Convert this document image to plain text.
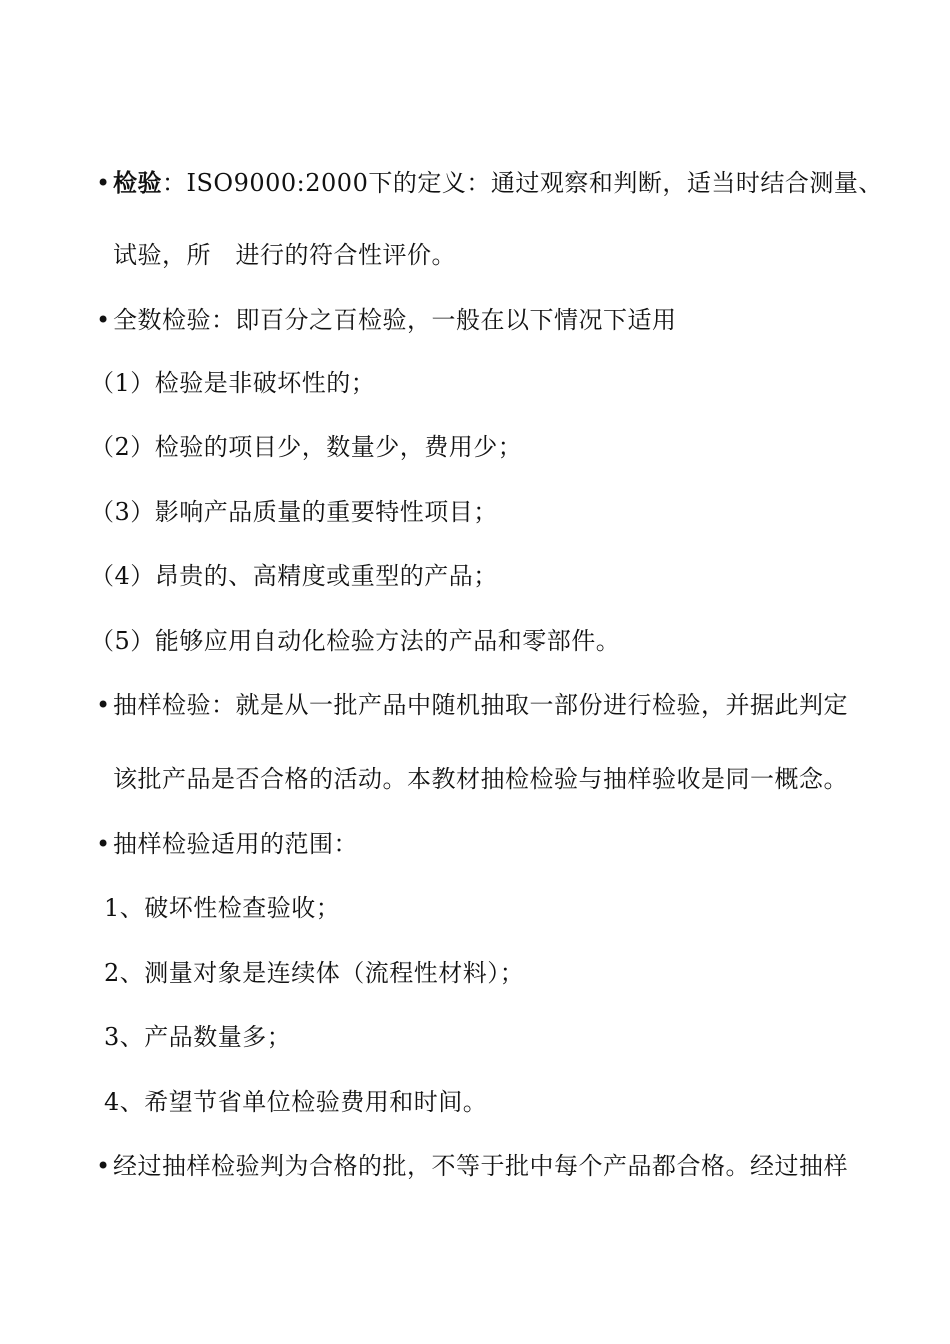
• 检验：ISO9000:2000下的定义：通过观察和判断，适当时结合测量、
试验，所　进行的符合性评价。
• 全数检验：即百分之百检验，一般在以下情况下适用
（1）检验是非破坏性的；
（2）检验的项目少，数量少，费用少；
（3）影响产品质量的重要特性项目；
（4）昂贵的、高精度或重型的产品；
（5）能够应用自动化检验方法的产品和零部件。
• 抽样检验：就是从一批产品中随机抽取一部份进行检验，并据此判定
该批产品是否合格的活动。本教材抽检检验与抽样验收是同一概念。
• 抽样检验适用的范围：
1、破坏性检查验收；
2、测量对象是连续体（流程性材料）；
3、产品数量多；
4、希望节省单位检验费用和时间。
• 经过抽样检验判为合格的批，不等于批中每个产品都合格。经过抽样
